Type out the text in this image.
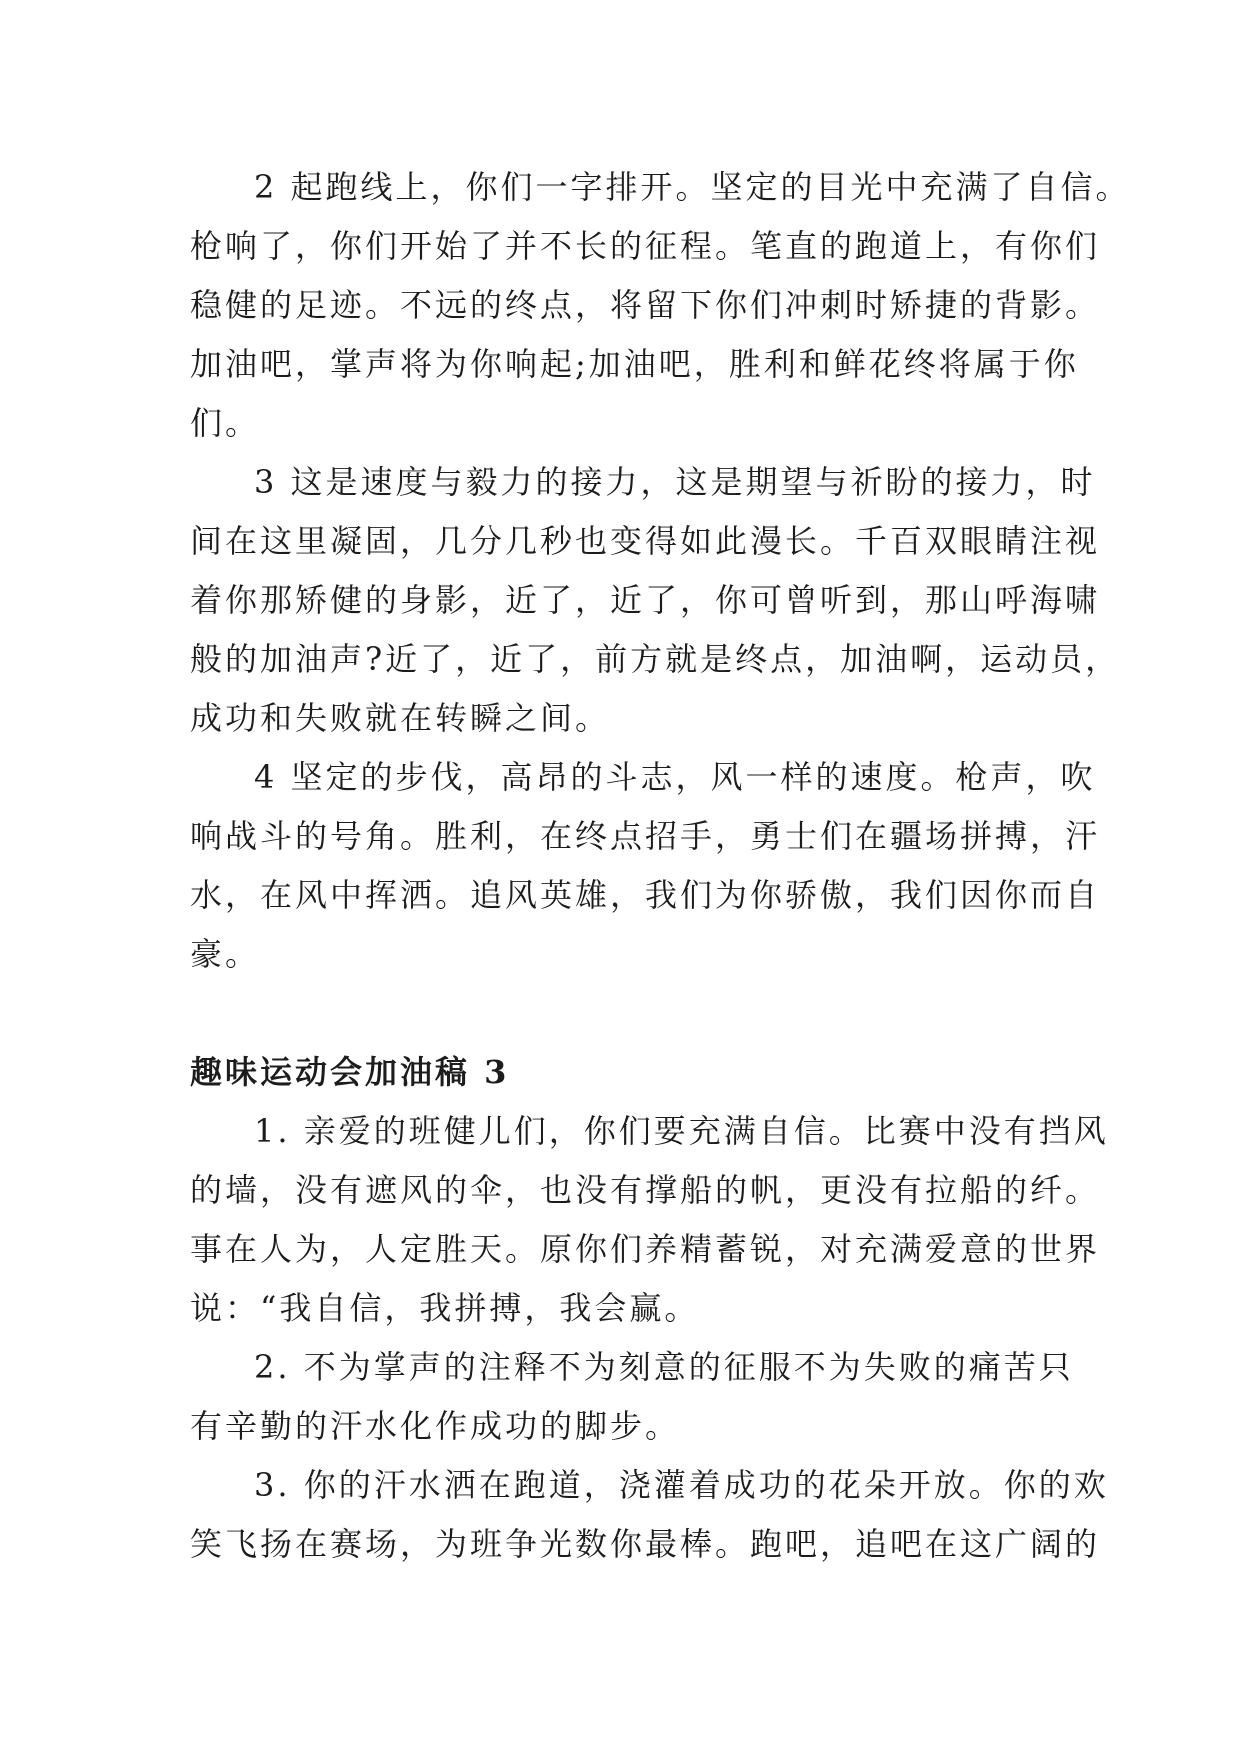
2 起跑线上，你们一字排开。坚定的目光中充满了自信。
枪响了，你们开始了并不长的征程。笔直的跑道上，有你们
稳健的足迹。不远的终点，将留下你们冲刺时矫捷的背影。
加油吧，掌声将为你响起;加油吧，胜利和鲜花终将属于你
们。

3 这是速度与毅力的接力，这是期望与祈盼的接力，时
间在这里凝固，几分几秒也变得如此漫长。千百双眼睛注视
着你那矫健的身影，近了，近了，你可曾听到，那山呼海啸
般的加油声?近了，近了，前方就是终点，加油啊，运动员，
成功和失败就在转瞬之间。

4 坚定的步伐，高昂的斗志，风一样的速度。枪声，吹
响战斗的号角。胜利，在终点招手，勇士们在疆场拼搏，汗
水，在风中挥洒。追风英雄，我们为你骄傲，我们因你而自
豪。

趣味运动会加油稿 3

1. 亲爱的班健儿们，你们要充满自信。比赛中没有挡风
的墙，没有遮风的伞，也没有撑船的帆，更没有拉船的纤。
事在人为，人定胜天。原你们养精蓄锐，对充满爱意的世界
说：“我自信，我拼搏，我会赢。

2. 不为掌声的注释不为刻意的征服不为失败的痛苦只
有辛勤的汗水化作成功的脚步。

3. 你的汗水洒在跑道，浇灌着成功的花朵开放。你的欢
笑飞扬在赛场，为班争光数你最棒。跑吧，追吧在这广阔的
